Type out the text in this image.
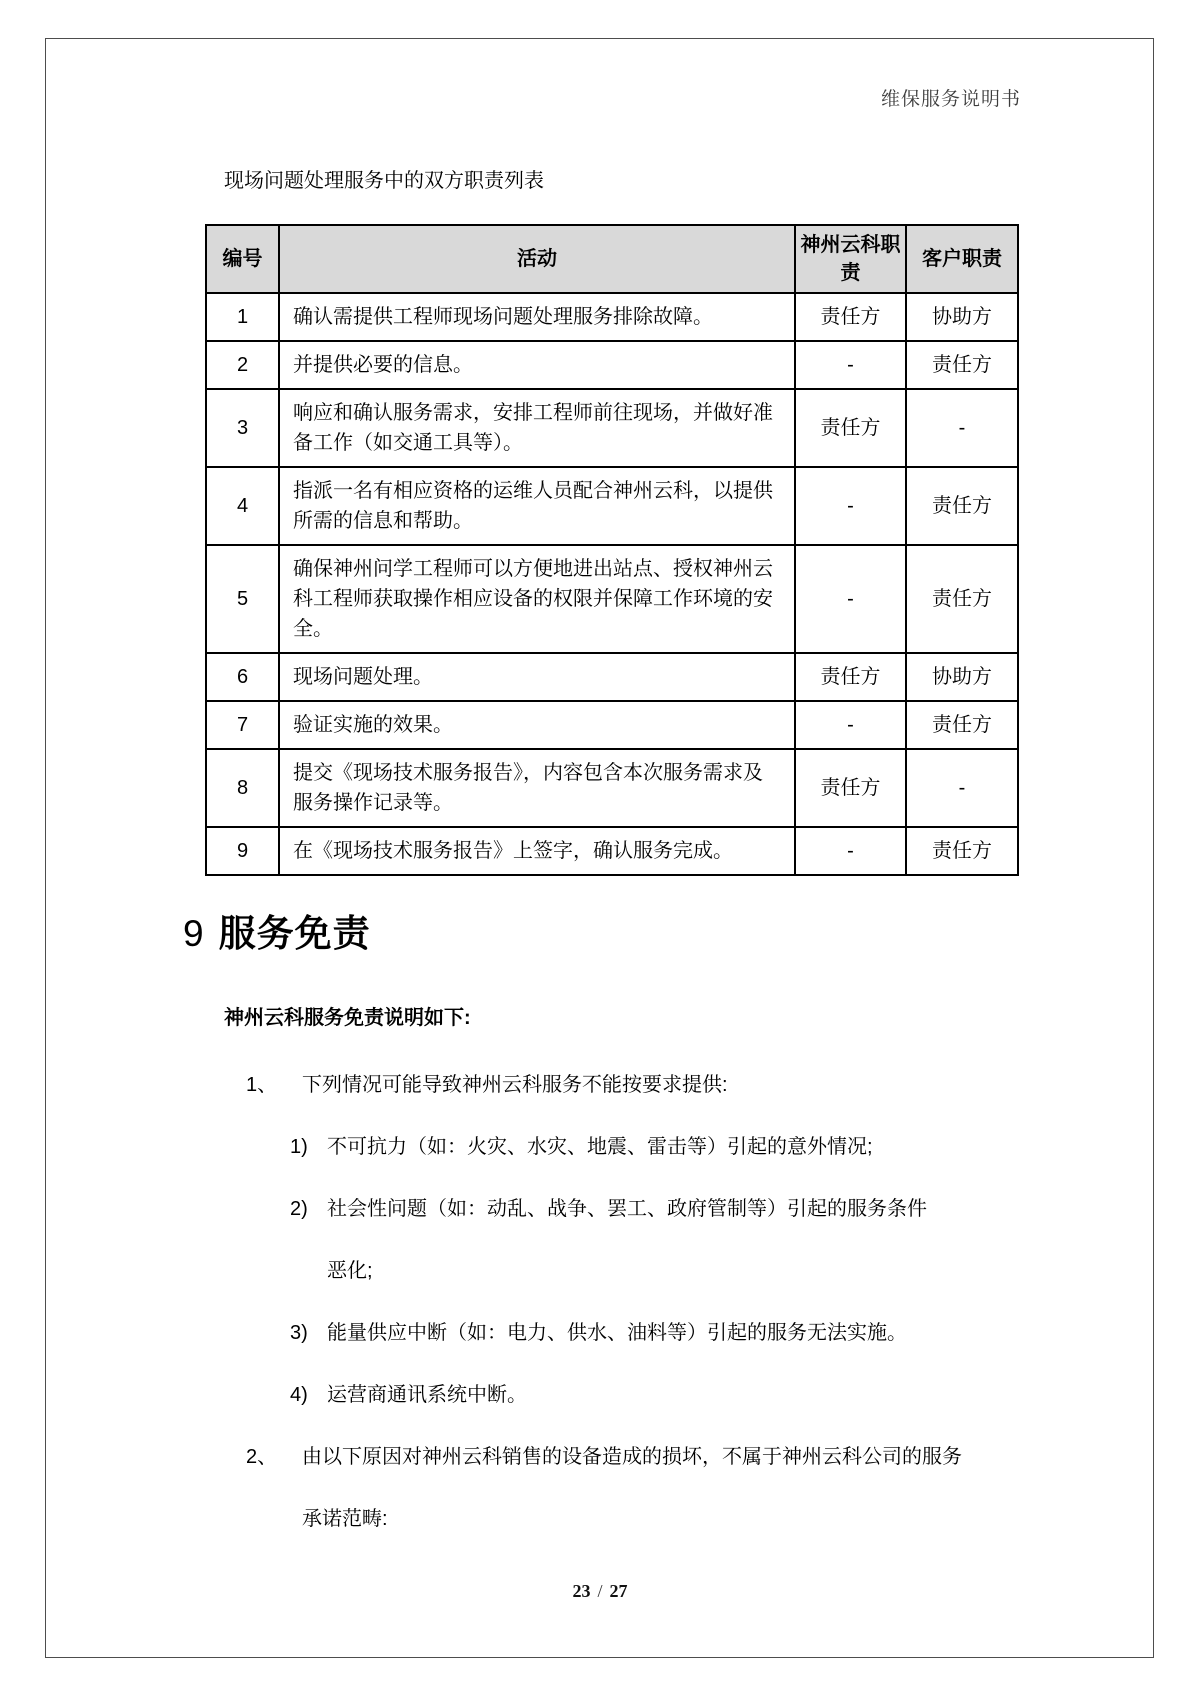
维保服务说明书
现场问题处理服务中的双方职责列表
编号	活动	神州云科职责	客户职责
1	确认需提供工程师现场问题处理服务排除故障。	责任方	协助方
2	并提供必要的信息。	-	责任方
3	响应和确认服务需求，安排工程师前往现场，并做好准备工作（如交通工具等）。	责任方	-
4	指派一名有相应资格的运维人员配合神州云科，以提供所需的信息和帮助。	-	责任方
5	确保神州问学工程师可以方便地进出站点、授权神州云科工程师获取操作相应设备的权限并保障工作环境的安全。	-	责任方
6	现场问题处理。	责任方	协助方
7	验证实施的效果。	-	责任方
8	提交《现场技术服务报告》，内容包含本次服务需求及服务操作记录等。	责任方	-
9	在《现场技术服务报告》上签字，确认服务完成。	-	责任方
9 服务免责
神州云科服务免责说明如下:
1、	下列情况可能导致神州云科服务不能按要求提供:
1) 不可抗力（如：火灾、水灾、地震、雷击等）引起的意外情况;
2) 社会性问题（如：动乱、战争、罢工、政府管制等）引起的服务条件恶化;
3) 能量供应中断（如：电力、供水、油料等）引起的服务无法实施。
4) 运营商通讯系统中断。
2、	由以下原因对神州云科销售的设备造成的损坏，不属于神州云科公司的服务承诺范畴:
23 / 27
